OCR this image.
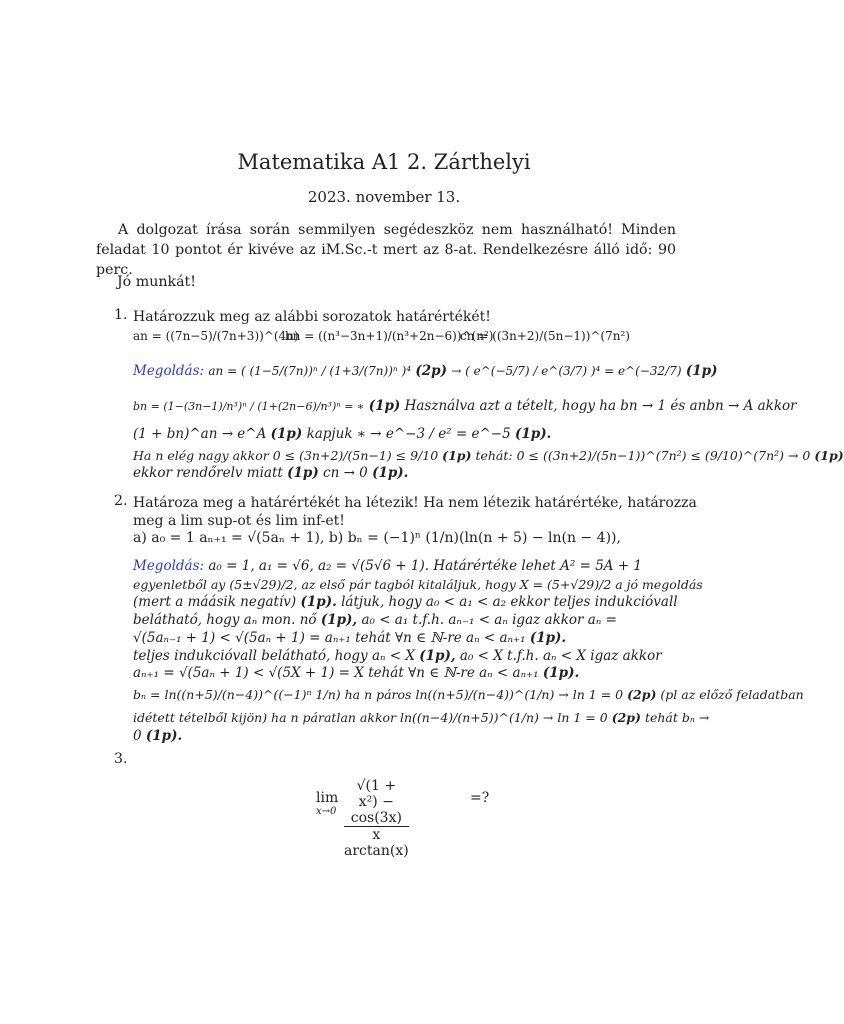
Matematika A1 2. Zárthelyi
2023. november 13.
A dolgozat írása során semmilyen segédeszköz nem használható! Minden feladat 10 pontot ér kivéve az iM.Sc.-t mert az 8-at. Rendelkezésre álló idő: 90 perc.
Jó munkát!
1. Határozzuk meg az alábbi sorozatok határértékét!
an = ((7n−5)/(7n+3))^(4n)
bn = ((n³−3n+1)/(n³+2n−6))^(n²)
cn = ((3n+2)/(5n−1))^(7n²)
Megoldás: an = ( (1−5/(7n))ⁿ / (1+3/(7n))ⁿ )⁴ (2p) → ( e^(−5/7) / e^(3/7) )⁴ = e^(−32/7) (1p)
bn = (1−(3n−1)/n³)ⁿ / (1+(2n−6)/n³)ⁿ = ∗ (1p) Használva azt a tételt, hogy ha bn → 1 és anbn → A akkor
(1 + bn)^an → e^A (1p) kapjuk ∗ → e^−3 / e² = e^−5 (1p).
Ha n elég nagy akkor 0 ≤ (3n+2)/(5n−1) ≤ 9/10 (1p) tehát: 0 ≤ ((3n+2)/(5n−1))^(7n²) ≤ (9/10)^(7n²) → 0 (1p)
ekkor rendőrelv miatt (1p) cn → 0 (1p).
2. Határoza meg a határértékét ha létezik! Ha nem létezik határértéke, határozza
meg a lim sup-ot és lim inf-et!
a) a₀ = 1 aₙ₊₁ = √(5aₙ + 1), b) bₙ = (−1)ⁿ (1/n)(ln(n + 5) − ln(n − 4)),
Megoldás: a₀ = 1, a₁ = √6, a₂ = √(5√6 + 1). Határértéke lehet A² = 5A + 1
egyenletből ay (5±√29)/2, az első pár tagból kitaláljuk, hogy X = (5+√29)/2 a jó megoldás
(mert a máásik negatív) (1p). látjuk, hogy a₀ < a₁ < a₂ ekkor teljes indukcióvall
belátható, hogy aₙ mon. nő (1p), a₀ < a₁ t.f.h. aₙ₋₁ < aₙ igaz akkor aₙ =
√(5aₙ₋₁ + 1) < √(5aₙ + 1) = aₙ₊₁ tehát ∀n ∈ ℕ-re aₙ < aₙ₊₁ (1p).
teljes indukcióvall belátható, hogy aₙ < X (1p), a₀ < X t.f.h. aₙ < X igaz akkor
aₙ₊₁ = √(5aₙ + 1) < √(5X + 1) = X tehát ∀n ∈ ℕ-re aₙ < aₙ₊₁ (1p).
bₙ = ln((n+5)/(n−4))^((−1)ⁿ 1/n) ha n páros ln((n+5)/(n−4))^(1/n) → ln 1 = 0 (2p) (pl az előző feladatban
idétett tételből kijön) ha n páratlan akkor ln((n−4)/(n+5))^(1/n) → ln 1 = 0 (2p) tehát bₙ →
0 (1p).
3.
lim
$x\to 0 \frac{\text{√(1 + x²) − cos(3x)}}{\text{x arctan(x)}}$	=?
